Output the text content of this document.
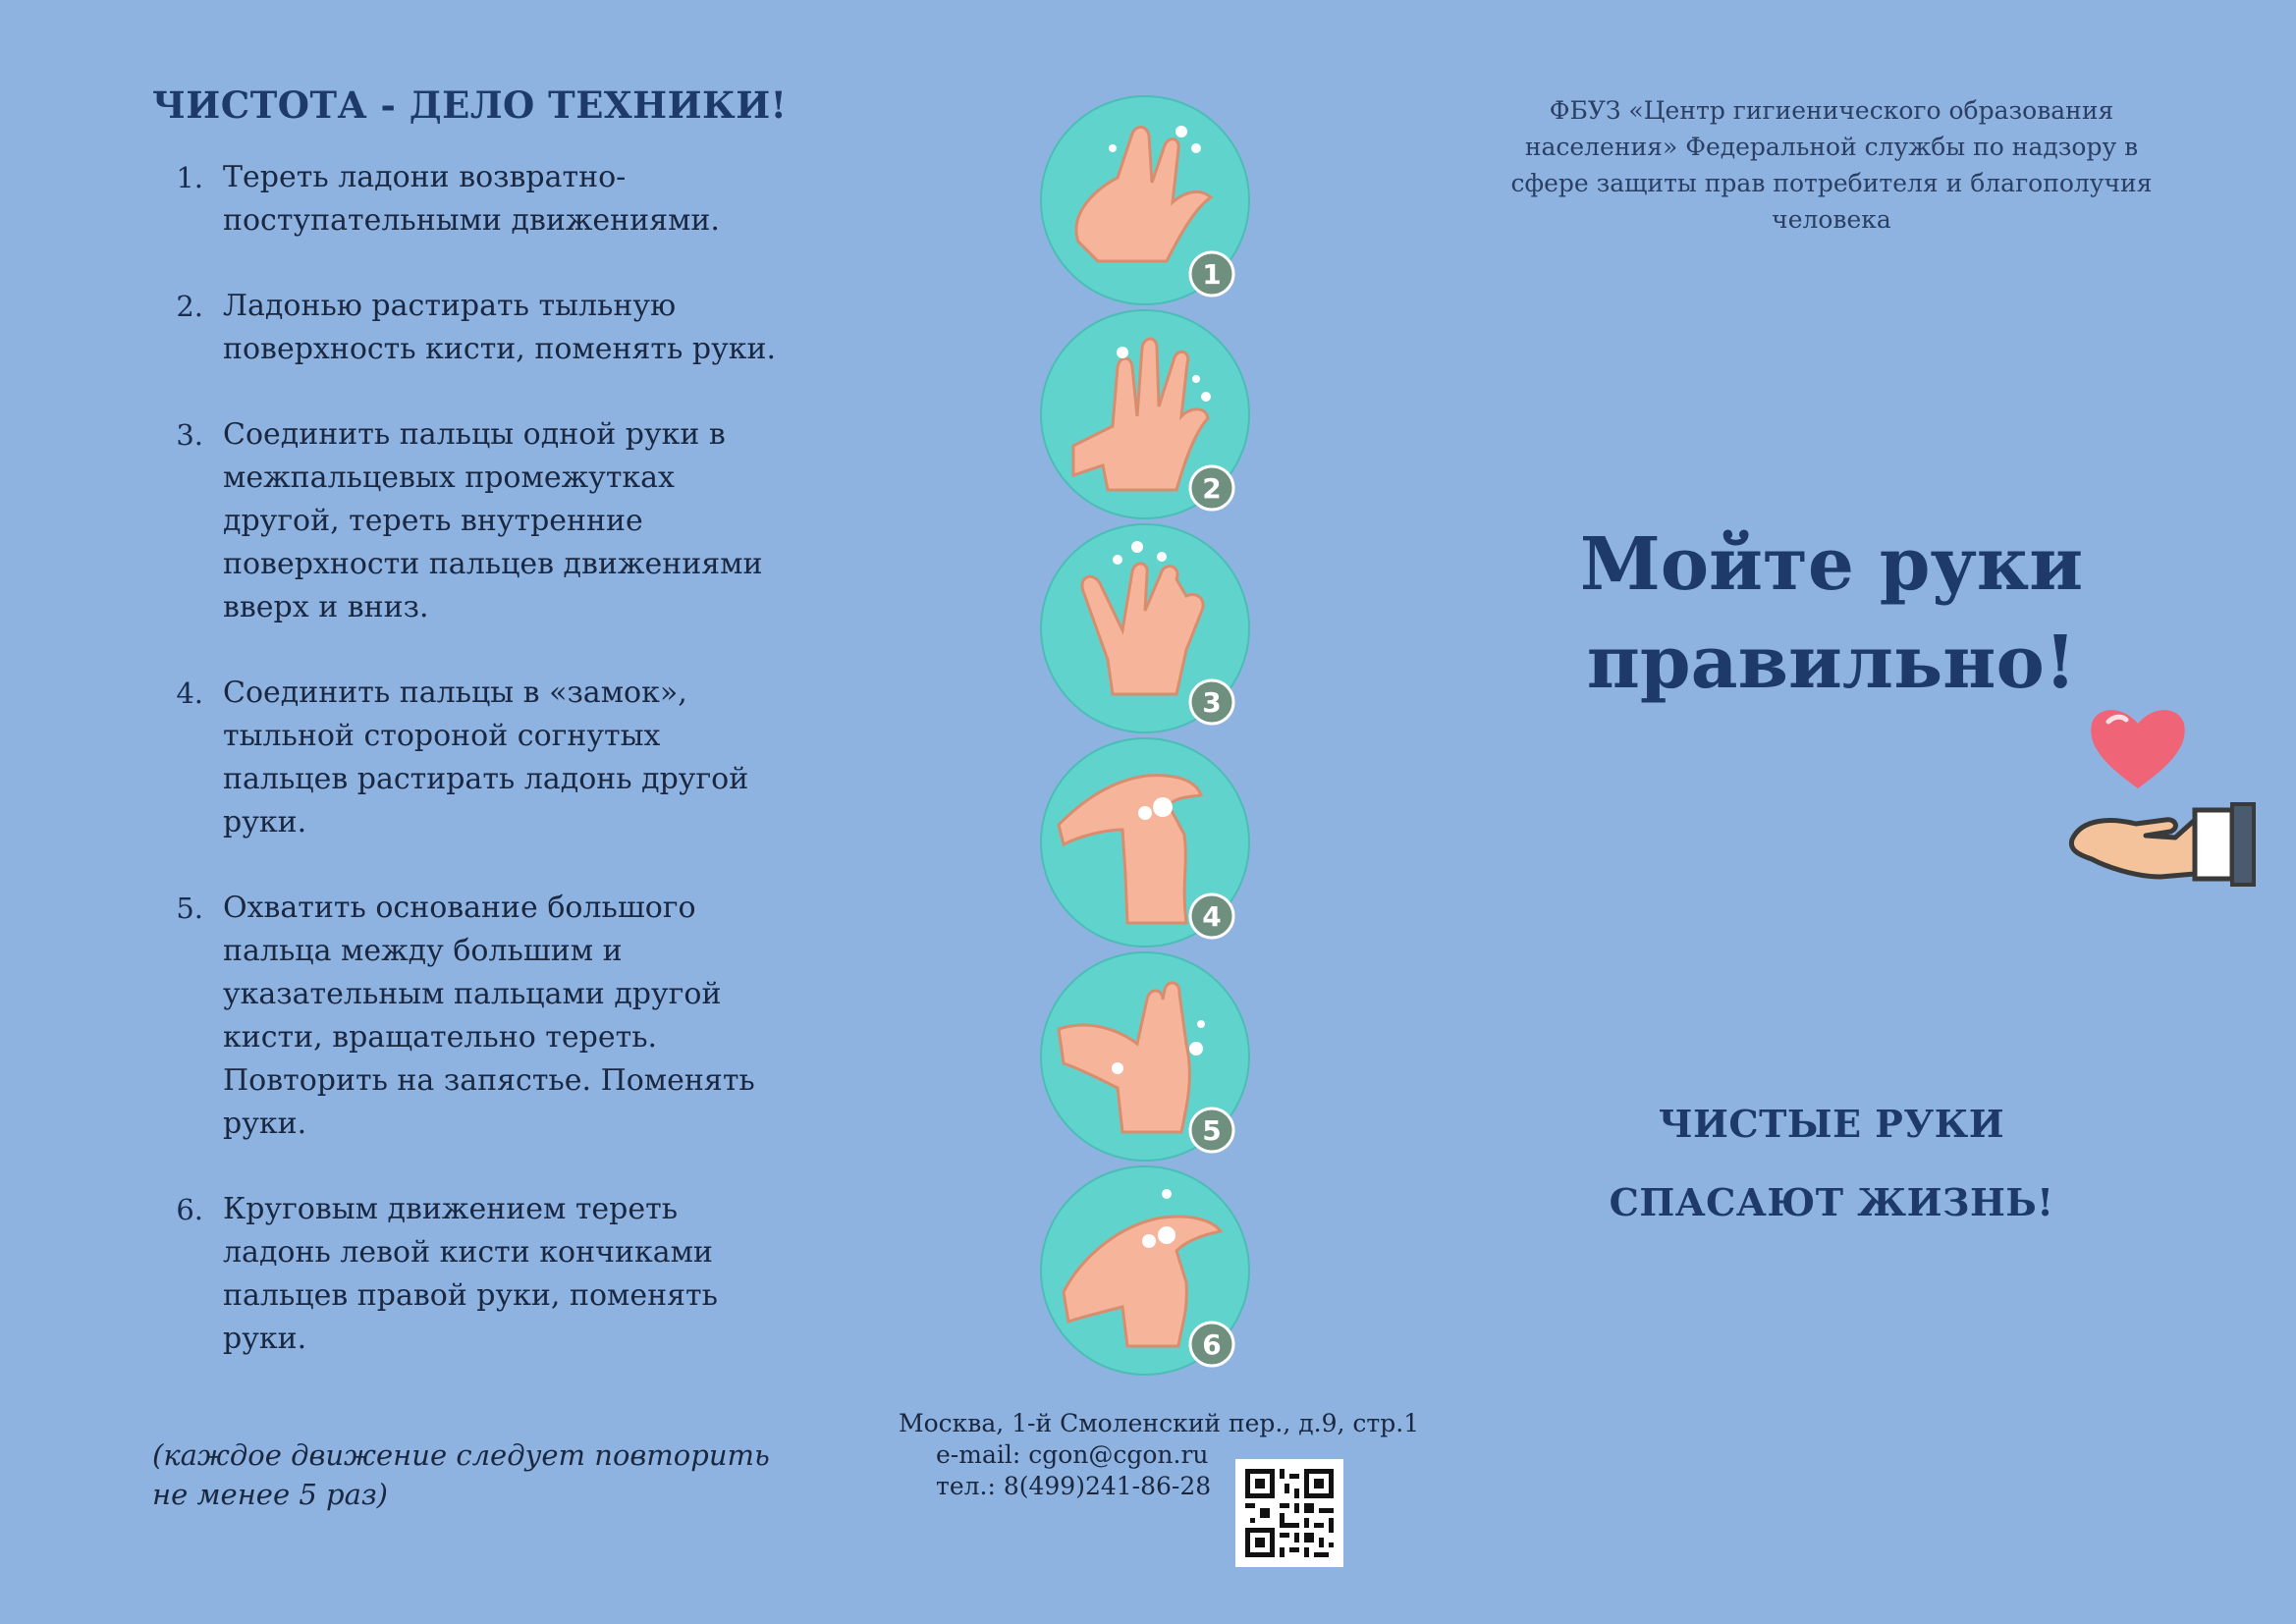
ЧИСТОТА - ДЕЛО ТЕХНИКИ!
1. Тереть ладони возвратно-поступательными движениями.
2. Ладонью растирать тыльную поверхность кисти, поменять руки.
3. Соединить пальцы одной руки в межпальцевых промежутках другой, тереть внутренние поверхности пальцев движениями вверх и вниз.
4. Соединить пальцы в «замок», тыльной стороной согнутых пальцев растирать ладонь другой руки.
5. Охватить основание большого пальца между большим и указательным пальцами другой кисти, вращательно тереть. Повторить на запястье. Поменять руки.
6. Круговым движением тереть ладонь левой кисти кончиками пальцев правой руки, поменять руки.
(каждое движение следует повторить не менее 5 раз)
1
2
3
4
5
6
Москва, 1-й Смоленский пер., д.9, стр.1
e-mail: cgon@cgon.ru
тел.: 8(499)241-86-28
ФБУЗ «Центр гигиенического образования населения» Федеральной службы по надзору в сфере защиты прав потребителя и благополучия человека
Мойте руки
правильно!
ЧИСТЫЕ РУКИ
СПАСАЮТ ЖИЗНЬ!
